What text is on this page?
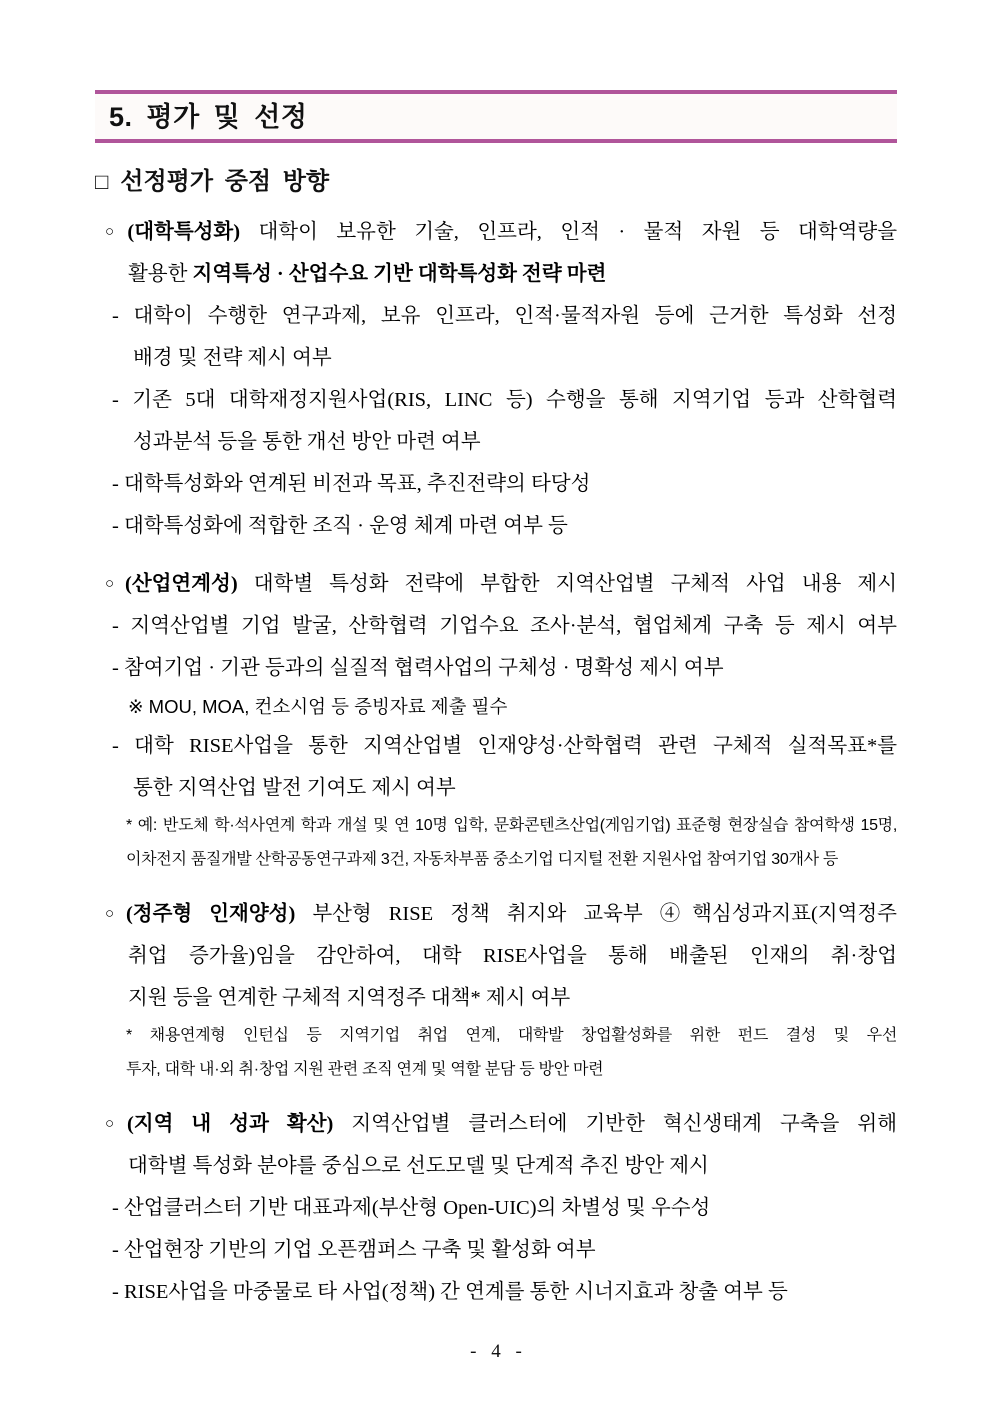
5. 평가 및 선정
□ 선정평가 중점 방향
○(대학특성화) 대학이 보유한 기술, 인프라, 인적 · 물적 자원 등 대학역량을
활용한 지역특성 · 산업수요 기반 대학특성화 전략 마련
- 대학이 수행한 연구과제, 보유 인프라, 인적·물적자원 등에 근거한 특성화 선정
배경 및 전략 제시 여부
- 기존 5대 대학재정지원사업(RIS, LINC 등) 수행을 통해 지역기업 등과 산학협력
성과분석 등을 통한 개선 방안 마련 여부
- 대학특성화와 연계된 비전과 목표, 추진전략의 타당성
- 대학특성화에 적합한 조직 · 운영 체계 마련 여부 등
○(산업연계성) 대학별 특성화 전략에 부합한 지역산업별 구체적 사업 내용 제시
- 지역산업별 기업 발굴, 산학협력 기업수요 조사·분석, 협업체계 구축 등 제시 여부
- 참여기업 · 기관 등과의 실질적 협력사업의 구체성 · 명확성 제시 여부
※ MOU, MOA, 컨소시엄 등 증빙자료 제출 필수
- 대학 RISE사업을 통한 지역산업별 인재양성·산학협력 관련 구체적 실적목표*를
통한 지역산업 발전 기여도 제시 여부
* 예: 반도체 학·석사연계 학과 개설 및 연 10명 입학, 문화콘텐츠산업(게임기업) 표준형 현장실습 참여학생 15명,
이차전지 품질개발 산학공동연구과제 3건, 자동차부품 중소기업 디지털 전환 지원사업 참여기업 30개사 등
○(정주형 인재양성) 부산형 RISE 정책 취지와 교육부 ④핵심성과지표(지역정주
취업 증가율)임을 감안하여, 대학 RISE사업을 통해 배출된 인재의 취·창업
지원 등을 연계한 구체적 지역정주 대책* 제시 여부
* 채용연계형 인턴십 등 지역기업 취업 연계, 대학발 창업활성화를 위한 펀드 결성 및 우선
투자, 대학 내·외 취·창업 지원 관련 조직 연계 및 역할 분담 등 방안 마련
○(지역 내 성과 확산) 지역산업별 클러스터에 기반한 혁신생태계 구축을 위해
대학별 특성화 분야를 중심으로 선도모델 및 단계적 추진 방안 제시
- 산업클러스터 기반 대표과제(부산형 Open-UIC)의 차별성 및 우수성
- 산업현장 기반의 기업 오픈캠퍼스 구축 및 활성화 여부
- RISE사업을 마중물로 타 사업(정책) 간 연계를 통한 시너지효과 창출 여부 등
- 4 -
